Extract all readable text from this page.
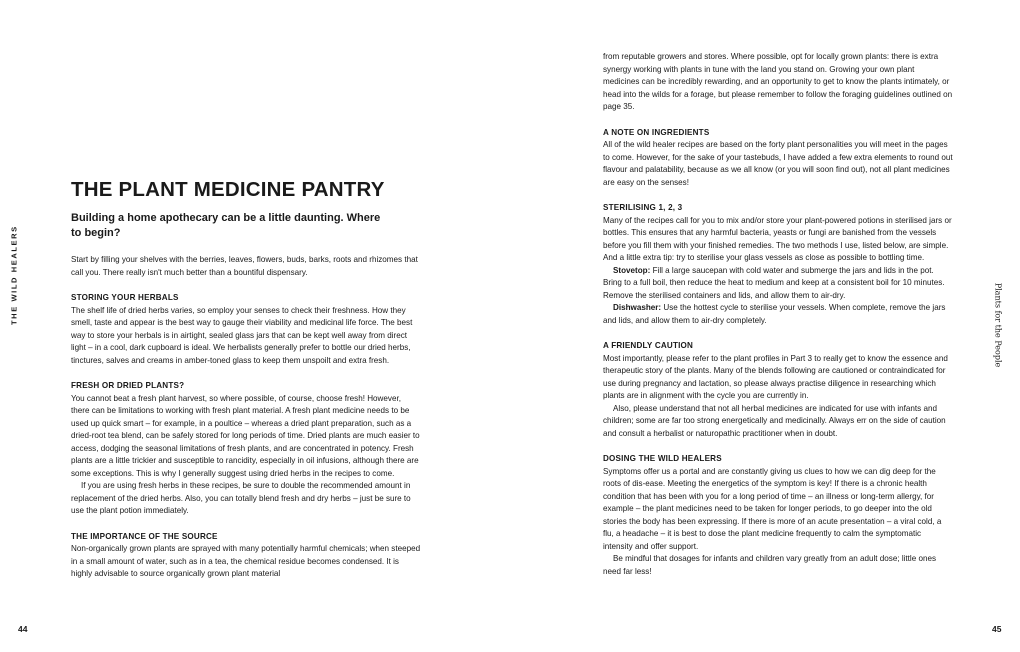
THE WILD HEALERS
THE PLANT MEDICINE PANTRY
Building a home apothecary can be a little daunting. Where to begin?

Start by filling your shelves with the berries, leaves, flowers, buds, barks, roots and rhizomes that call you. There really isn't much better than a bountiful dispensary.

STORING YOUR HERBALS

The shelf life of dried herbs varies, so employ your senses to check their freshness. How they smell, taste and appear is the best way to gauge their viability and medicinal life force. The best way to store your herbals is in airtight, sealed glass jars that can be kept well away from direct light – in a cool, dark cupboard is ideal. We herbalists generally prefer to bottle our dried herbs, tinctures, salves and creams in amber-toned glass to keep them unspoilt and extra fresh.

FRESH OR DRIED PLANTS?

You cannot beat a fresh plant harvest, so where possible, of course, choose fresh! However, there can be limitations to working with fresh plant material. A fresh plant medicine needs to be used up quick smart – for example, in a poultice – whereas a dried plant preparation, such as a dried-root tea blend, can be safely stored for long periods of time. Dried plants are much easier to access, dodging the seasonal limitations of fresh plants, and are concentrated in potency. Fresh plants are a little trickier and susceptible to rancidity, especially in oil infusions, although there are some exceptions. This is why I generally suggest using dried herbs in the recipes to come.

If you are using fresh herbs in these recipes, be sure to double the recommended amount in replacement of the dried herbs. Also, you can totally blend fresh and dry herbs – just be sure to use the plant potion immediately.

THE IMPORTANCE OF THE SOURCE

Non-organically grown plants are sprayed with many potentially harmful chemicals; when steeped in a small amount of water, such as in a tea, the chemical residue becomes condensed. It is highly advisable to source organically grown plant material

44

from reputable growers and stores. Where possible, opt for locally grown plants: there is extra synergy working with plants in tune with the land you stand on. Growing your own plant medicines can be incredibly rewarding, and an opportunity to get to know the plants intimately, or head into the wilds for a forage, but please remember to follow the foraging guidelines outlined on page 35.

A NOTE ON INGREDIENTS

All of the wild healer recipes are based on the forty plant personalities you will meet in the pages to come. However, for the sake of your tastebuds, I have added a few extra elements to round out flavour and palatability, because as we all know (or you will soon find out), not all plant medicines are easy on the senses!

STERILISING 1, 2, 3

Many of the recipes call for you to mix and/or store your plant-powered potions in sterilised jars or bottles. This ensures that any harmful bacteria, yeasts or fungi are banished from the vessels before you fill them with your finished remedies. The two methods I use, listed below, are simple. And a little extra tip: try to sterilise your glass vessels as close as possible to bottling time.

Stovetop: Fill a large saucepan with cold water and submerge the jars and lids in the pot. Bring to a full boil, then reduce the heat to medium and keep at a consistent boil for 10 minutes. Remove the sterilised containers and lids, and allow them to air-dry.

Dishwasher: Use the hottest cycle to sterilise your vessels. When complete, remove the jars and lids, and allow them to air-dry completely.

A FRIENDLY CAUTION

Most importantly, please refer to the plant profiles in Part 3 to really get to know the essence and therapeutic story of the plants. Many of the blends following are cautioned or contraindicated for use during pregnancy and lactation, so please always practise diligence in researching which plants are in alignment with the cycle you are currently in.

Also, please understand that not all herbal medicines are indicated for use with infants and children; some are far too strong energetically and medicinally. Always err on the side of caution and consult a herbalist or naturopathic practitioner when in doubt.

DOSING THE WILD HEALERS

Symptoms offer us a portal and are constantly giving us clues to how we can dig deep for the roots of dis-ease. Meeting the energetics of the symptom is key! If there is a chronic health condition that has been with you for a long period of time – an illness or long-term allergy, for example – the plant medicines need to be taken for longer periods, to go deeper into the old stories the body has been expressing. If there is more of an acute presentation – a viral cold, a flu, a headache – it is best to dose the plant medicine frequently to calm the symptomatic intensity and offer support.

Be mindful that dosages for infants and children vary greatly from an adult dose; little ones need far less!

Plants for the People
45
